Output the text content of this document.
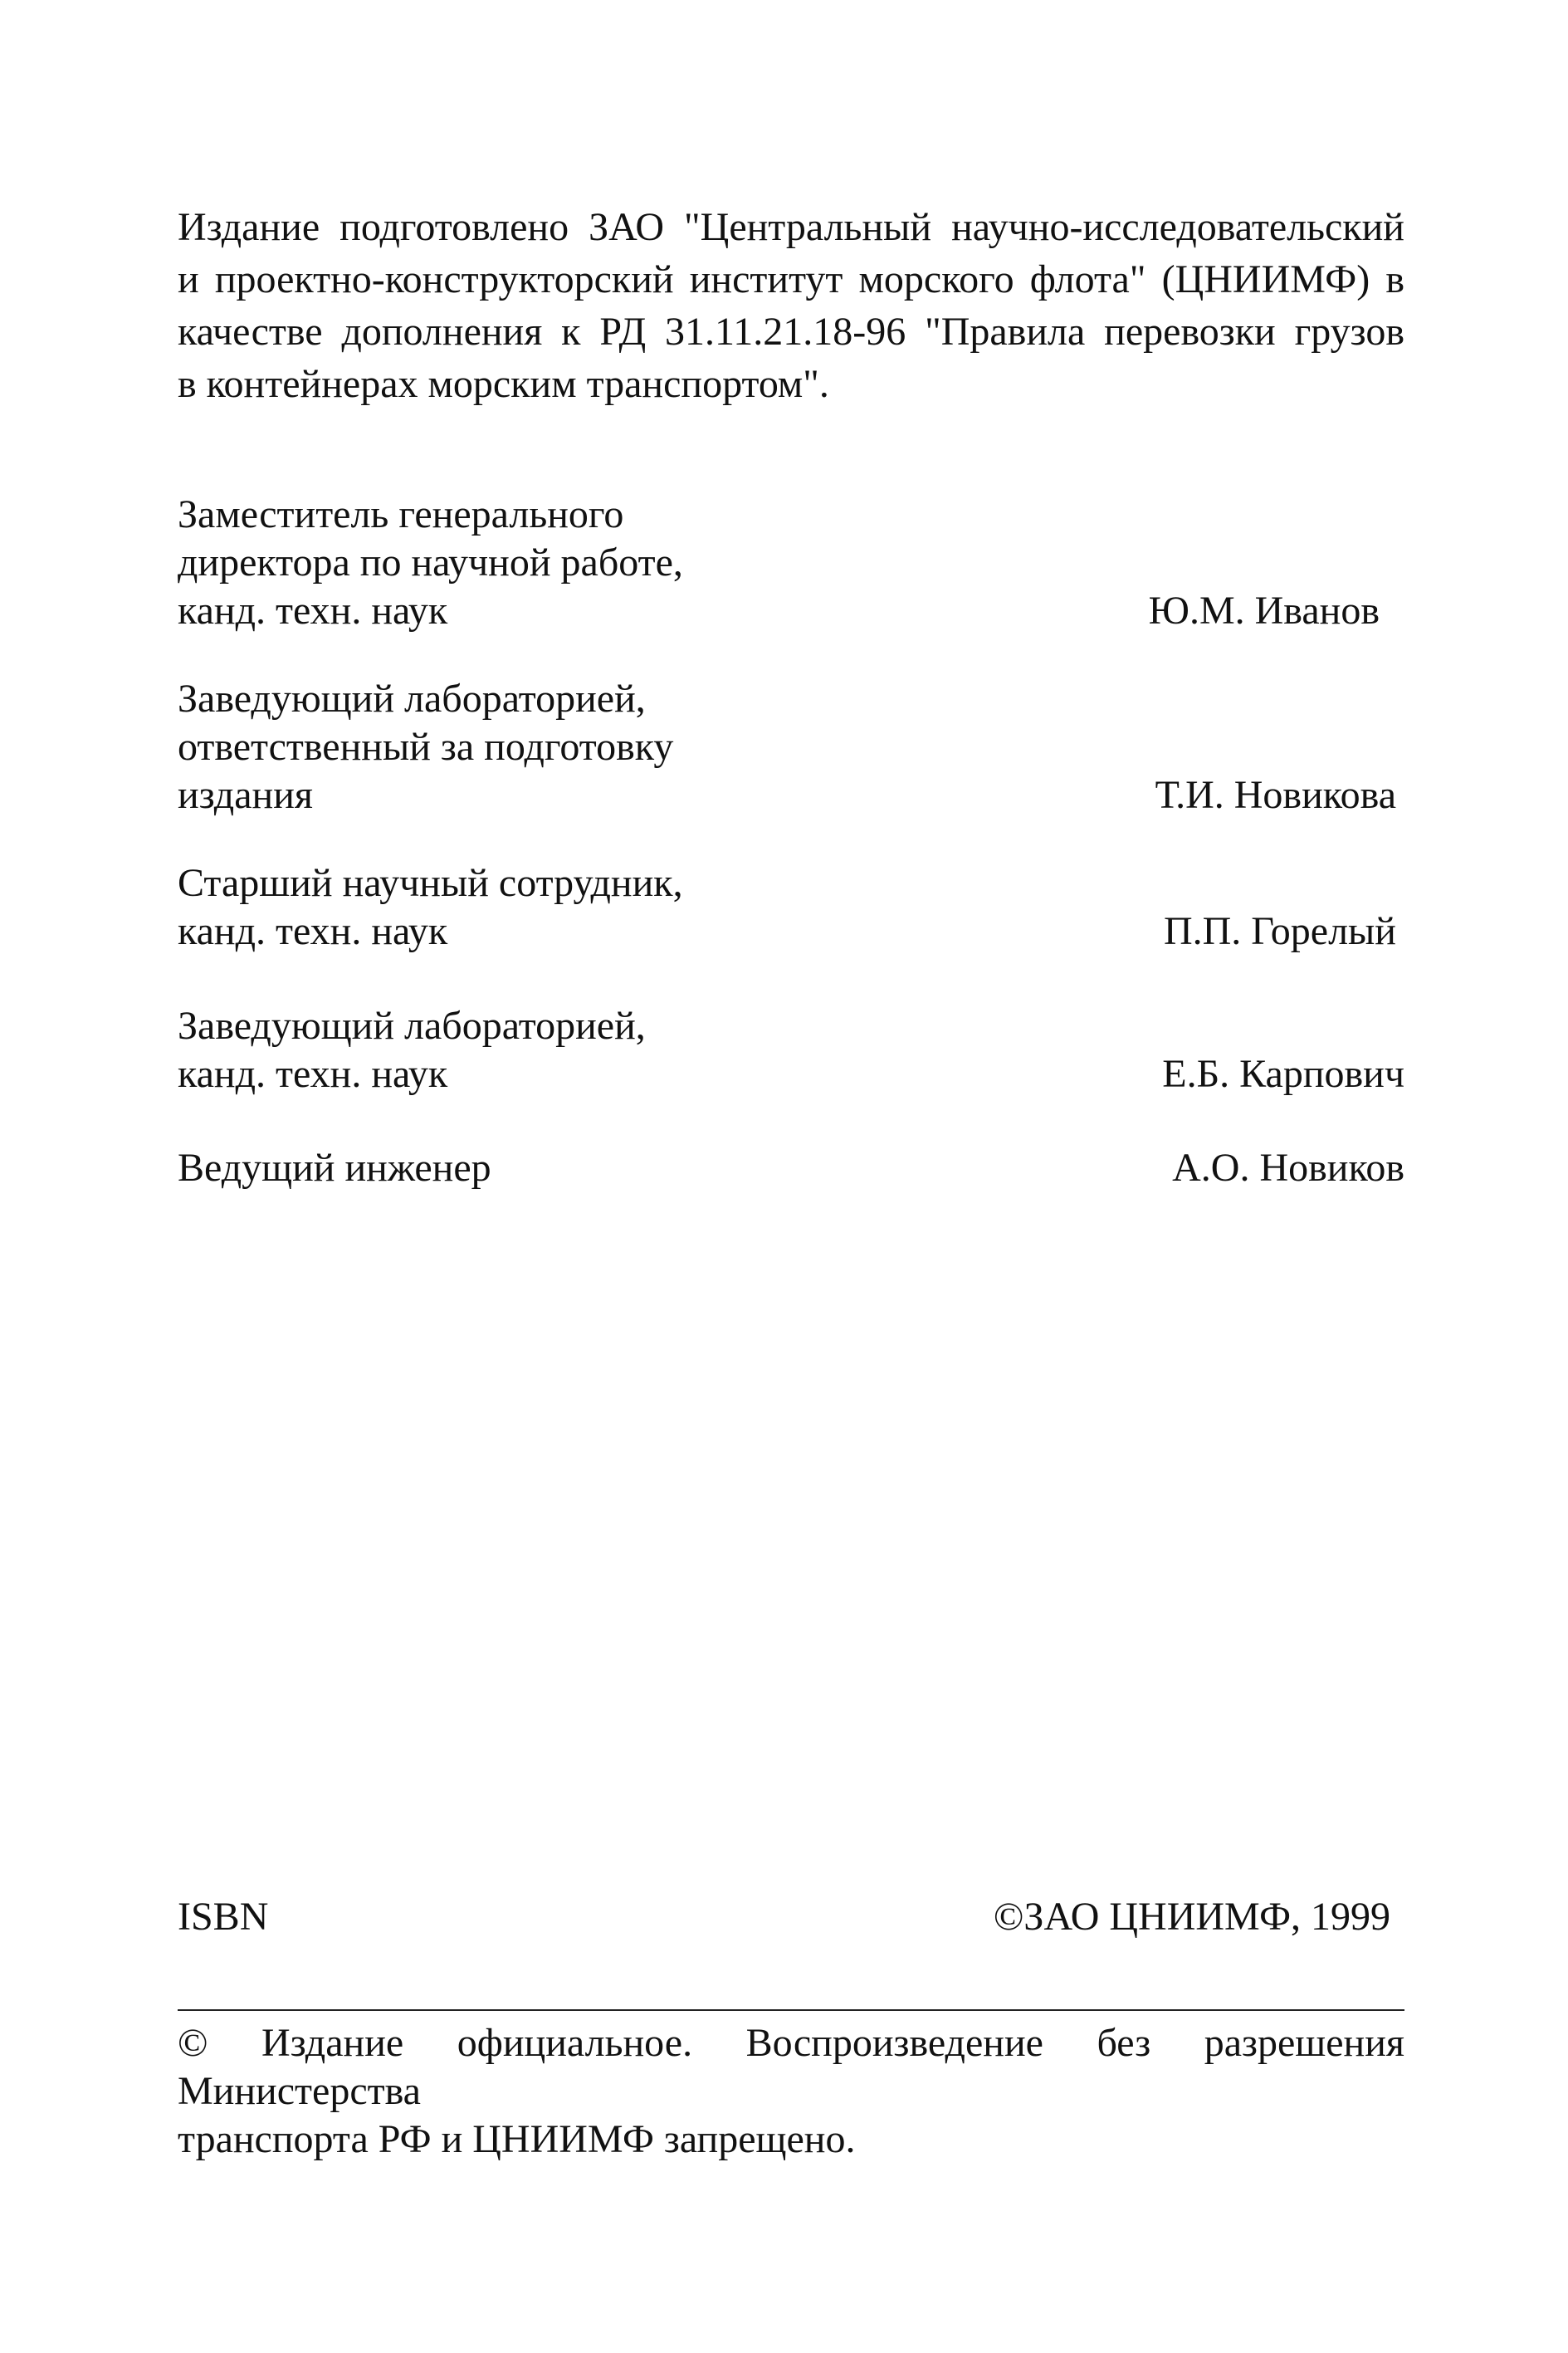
Издание подготовлено ЗАО "Центральный научно-исследовательский
и проектно-конструкторский институт морского флота" (ЦНИИМФ) в
качестве дополнения к РД 31.11.21.18-96 "Правила перевозки грузов
в контейнерах морским транспортом".
Заместитель генерального
директора по научной работе,
канд. техн. наук	Ю.М. Иванов
Заведующий лабораторией,
ответственный за подготовку
издания	Т.И. Новикова
Старший научный сотрудник,
канд. техн. наук	П.П. Горелый
Заведующий лабораторией,
канд. техн. наук	Е.Б. Карпович
Ведущий инженер	А.О. Новиков
ISBN	©ЗАО ЦНИИМФ, 1999
© Издание официальное. Воспроизведение без разрешения Министерства
транспорта РФ и ЦНИИМФ запрещено.
